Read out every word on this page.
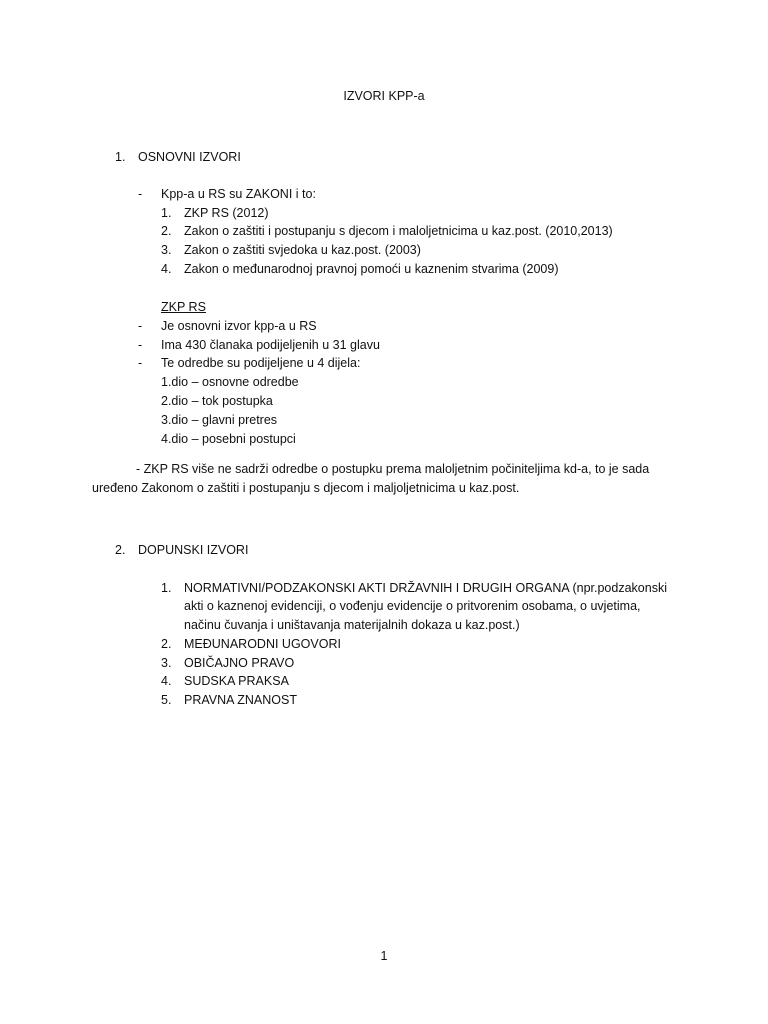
IZVORI KPP-a
1. OSNOVNI IZVORI
- Kpp-a u RS su ZAKONI i to:
1. ZKP RS (2012)
2. Zakon o zaštiti i postupanju s djecom i maloljetnicima u kaz.post. (2010,2013)
3. Zakon o zaštiti svjedoka u kaz.post. (2003)
4. Zakon o međunarodnoj pravnoj pomoći u kaznenim stvarima (2009)
ZKP RS
- Je osnovni izvor kpp-a u RS
- Ima 430 članaka podijeljenih u 31 glavu
- Te odredbe su podijeljene u 4 dijela:
1.dio – osnovne odredbe
2.dio – tok postupka
3.dio – glavni pretres
4.dio – posebni postupci
- ZKP RS više ne sadrži odredbe o postupku prema maloljetnim počiniteljima kd-a, to je sada
uređeno Zakonom o zaštiti i postupanju s djecom i maljoljetnicima u kaz.post.
2. DOPUNSKI IZVORI
1. NORMATIVNI/PODZAKONSKI AKTI DRŽAVNIH I DRUGIH ORGANA (npr.podzakonski
akti o kaznenoj evidenciji, o vođenju evidencije o pritvorenim osobama, o uvjetima,
načinu čuvanja i uništavanja materijalnih dokaza u kaz.post.)
2. MEĐUNARODNI UGOVORI
3. OBIČAJNO PRAVO
4. SUDSKA PRAKSA
5. PRAVNA ZNANOST
1
